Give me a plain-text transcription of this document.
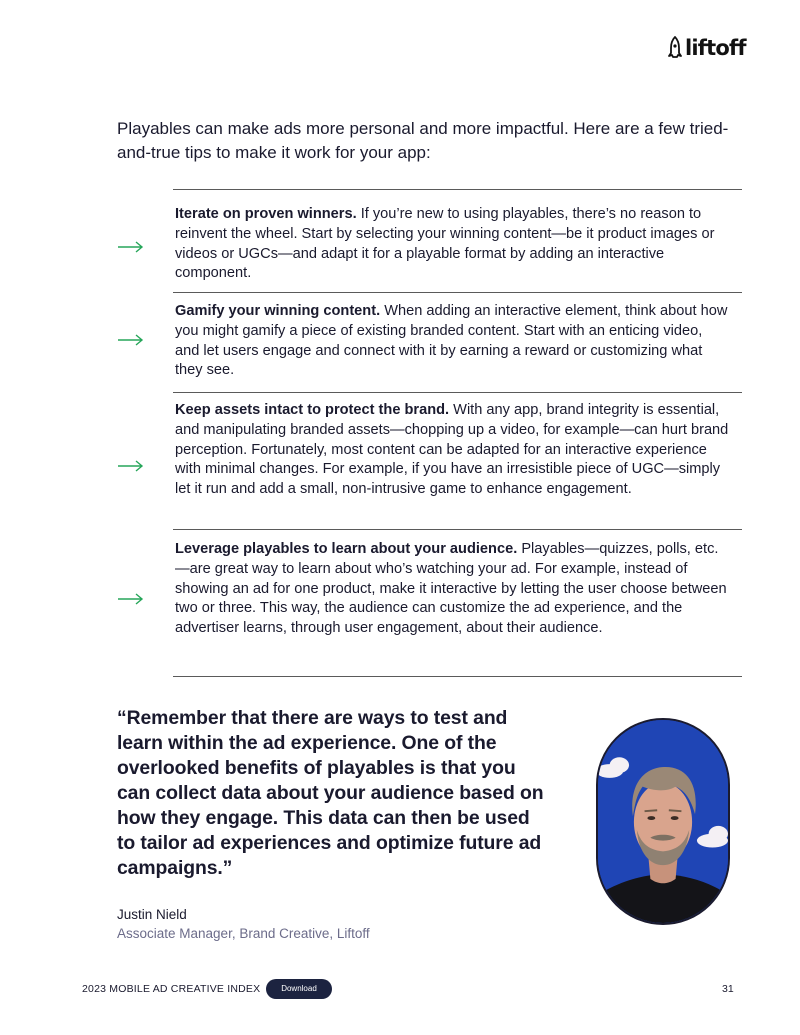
liftoff

Playables can make ads more personal and more impactful. Here are a few tried-and-true tips to make it work for your app:

Iterate on proven winners. If you’re new to using playables, there’s no reason to reinvent the wheel. Start by selecting your winning content—be it product images or videos or UGCs—and adapt it for a playable format by adding an interactive component.

Gamify your winning content. When adding an interactive element, think about how you might gamify a piece of existing branded content. Start with an enticing video, and let users engage and connect with it by earning a reward or customizing what they see.

Keep assets intact to protect the brand. With any app, brand integrity is essential, and manipulating branded assets—chopping up a video, for example—can hurt brand perception. Fortunately, most content can be adapted for an interactive experience with minimal changes. For example, if you have an irresistible piece of UGC—simply let it run and add a small, non-intrusive game to enhance engagement.

Leverage playables to learn about your audience. Playables—quizzes, polls, etc.—are great way to learn about who’s watching your ad. For example, instead of showing an ad for one product, make it interactive by letting the user choose between two or three. This way, the audience can customize the ad experience, and the advertiser learns, through user engagement, about their audience.

“Remember that there are ways to test and learn within the ad experience. One of the overlooked benefits of playables is that you can collect data about your audience based on how they engage. This data can then be used to tailor ad experiences and optimize future ad campaigns.”

Justin Nield
Associate Manager, Brand Creative, Liftoff
2023 MOBILE AD CREATIVE INDEX	Download	31
